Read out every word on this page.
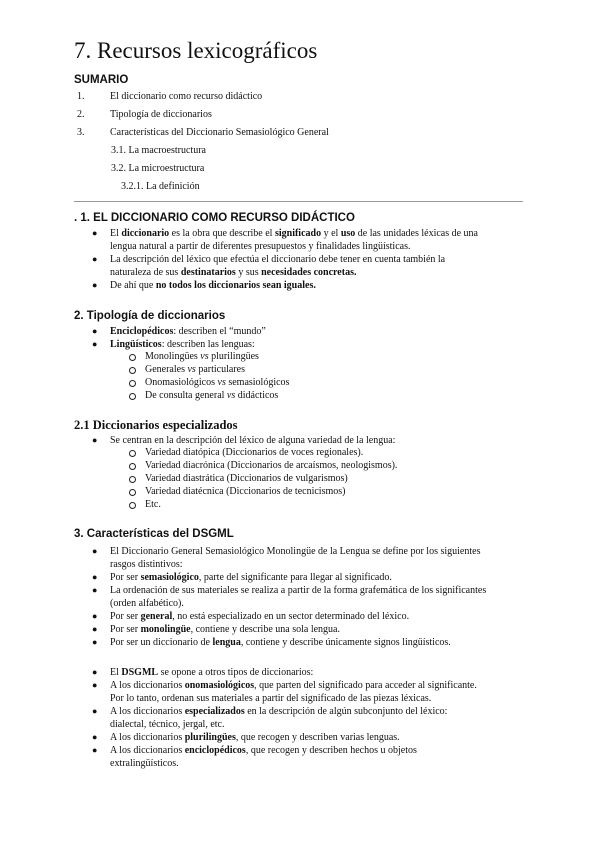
7. Recursos lexicográficos
SUMARIO
1.	El diccionario como recurso didáctico
2.	Tipología de diccionarios
3.	Características del Diccionario Semasiológico General
3.1. La macroestructura
3.2. La microestructura
3.2.1. La definición
. 1. EL DICCIONARIO COMO RECURSO DIDÁCTICO
● El diccionario es la obra que describe el significado y el uso de las unidades léxicas de una
lengua natural a partir de diferentes presupuestos y finalidades lingüísticas.
● La descripción del léxico que efectúa el diccionario debe tener en cuenta también la
naturaleza de sus destinatarios y sus necesidades concretas.
● De ahí que no todos los diccionarios sean iguales.
2. Tipología de diccionarios
● Enciclopédicos: describen el “mundo”
● Lingüísticos: describen las lenguas:
Monolingües vs plurilingües
Generales vs particulares
Onomasiológicos vs semasiológicos
De consulta general vs didácticos
2.1 Diccionarios especializados
● Se centran en la descripción del léxico de alguna variedad de la lengua:
Variedad diatópica (Diccionarios de voces regionales).
Variedad diacrónica (Diccionarios de arcaísmos, neologismos).
Variedad diastrática (Diccionarios de vulgarismos)
Variedad diatécnica (Diccionarios de tecnicismos)
Etc.
3. Características del DSGML
● El Diccionario General Semasiológico Monolingüe de la Lengua se define por los siguientes
rasgos distintivos:
● Por ser semasiológico, parte del significante para llegar al significado.
● La ordenación de sus materiales se realiza a partir de la forma grafemática de los significantes
(orden alfabético).
● Por ser general, no está especializado en un sector determinado del léxico.
● Por ser monolingüe, contiene y describe una sola lengua.
● Por ser un diccionario de lengua, contiene y describe únicamente signos lingüísticos.
● El DSGML se opone a otros tipos de diccionarios:
● A los diccionarios onomasiológicos, que parten del significado para acceder al significante.
Por lo tanto, ordenan sus materiales a partir del significado de las piezas léxicas.
● A los diccionarios especializados en la descripción de algún subconjunto del léxico:
dialectal, técnico, jergal, etc.
● A los diccionarios plurilingües, que recogen y describen varias lenguas.
● A los diccionarios enciclopédicos, que recogen y describen hechos u objetos
extralingüísticos.
